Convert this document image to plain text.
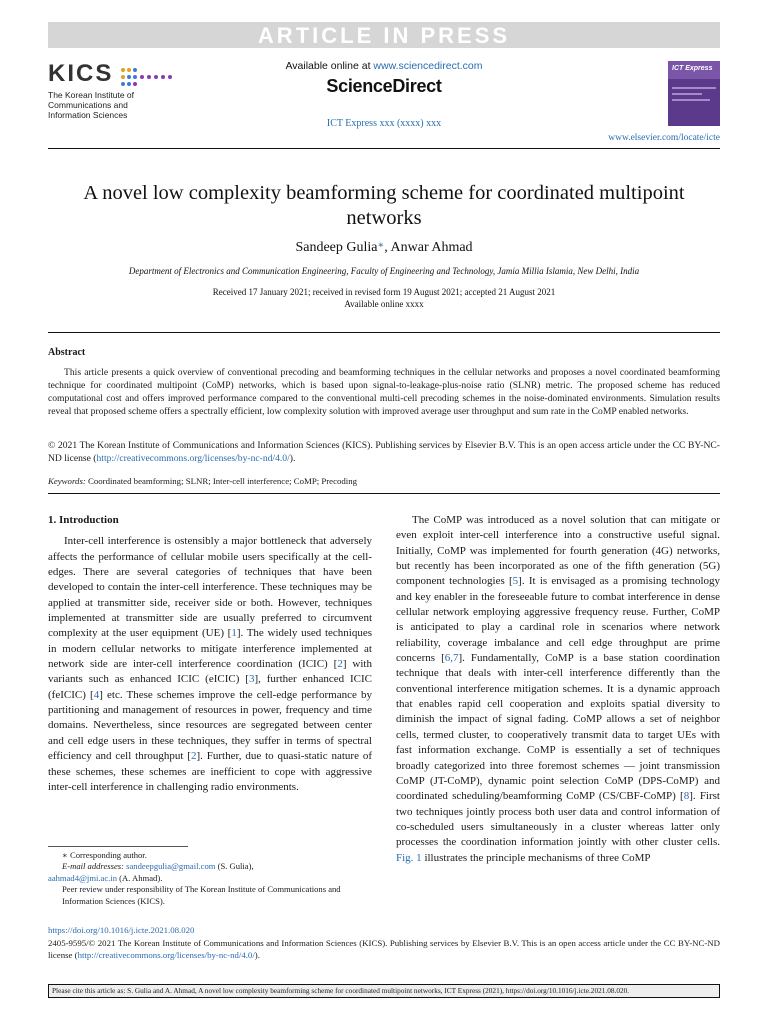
ARTICLE IN PRESS
KICS
The Korean Institute of
Communications and
Information Sciences
Available online at www.sciencedirect.com
ScienceDirect
ICT Express xxx (xxxx) xxx
ICT Express
www.elsevier.com/locate/icte
A novel low complexity beamforming scheme for coordinated multipoint networks
Sandeep Gulia∗, Anwar Ahmad
Department of Electronics and Communication Engineering, Faculty of Engineering and Technology, Jamia Millia Islamia, New Delhi, India
Received 17 January 2021; received in revised form 19 August 2021; accepted 21 August 2021
Available online xxxx
Abstract
This article presents a quick overview of conventional precoding and beamforming techniques in the cellular networks and proposes a novel coordinated beamforming technique for coordinated multipoint (CoMP) networks, which is based upon signal-to-leakage-plus-noise ratio (SLNR) metric. The proposed scheme has reduced computational cost and offers improved performance compared to the conventional multi-cell precoding schemes in the noise-dominated environments. Simulation results reveal that proposed scheme offers a spectrally efficient, low complexity solution with improved average user throughput and sum rate in the CoMP enabled networks.
© 2021 The Korean Institute of Communications and Information Sciences (KICS). Publishing services by Elsevier B.V. This is an open access article under the CC BY-NC-ND license (http://creativecommons.org/licenses/by-nc-nd/4.0/).
Keywords: Coordinated beamforming; SLNR; Inter-cell interference; CoMP; Precoding
1. Introduction
Inter-cell interference is ostensibly a major bottleneck that adversely affects the performance of cellular mobile users specifically at the cell-edges. There are several categories of techniques that have been developed to contain the inter-cell interference. These techniques may be applied at transmitter side, receiver side or both. However, techniques implemented at transmitter side are usually preferred to circumvent complexity at the user equipment (UE) [1]. The widely used techniques in modern cellular networks to mitigate interference implemented at network side are inter-cell interference coordination (ICIC) [2] with variants such as enhanced ICIC (eICIC) [3], further enhanced ICIC (feICIC) [4] etc. These schemes improve the cell-edge performance by partitioning and management of resources in power, frequency and time domains. Nevertheless, since resources are segregated between center and cell edge users in these techniques, they suffer in terms of spectral efficiency and cell throughput [2]. Further, due to quasi-static nature of these schemes, these schemes are inefficient to cope with aggressive inter-cell interference in challenging radio environments.
The CoMP was introduced as a novel solution that can mitigate or even exploit inter-cell interference into a constructive useful signal. Initially, CoMP was implemented for fourth generation (4G) networks, but recently has been incorporated as one of the fifth generation (5G) component technologies [5]. It is envisaged as a promising technology and key enabler in the foreseeable future to combat interference in dense cellular network employing aggressive frequency reuse. Further, CoMP is anticipated to play a cardinal role in scenarios where network reliability, coverage imbalance and cell edge throughput are prime concerns [6,7]. Fundamentally, CoMP is a base station coordination technique that deals with inter-cell interference differently than the conventional interference mitigation schemes. It is a dynamic approach that enables rapid cell cooperation and exploits spatial diversity to diminish the impact of signal fading. CoMP allows a set of neighbor cells, termed cluster, to cooperatively transmit data to target UEs with fast information exchange. CoMP is essentially a set of techniques broadly categorized into three foremost schemes — joint transmission CoMP (JT-CoMP), dynamic point selection CoMP (DPS-CoMP) and coordinated scheduling/beamforming CoMP (CS/CBF-CoMP) [8]. First two techniques jointly process both user data and control information of co-scheduled users simultaneously in a cluster whereas latter only processes the coordination information jointly with other cluster cells. Fig. 1 illustrates the principle mechanisms of three CoMP
∗ Corresponding author.
E-mail addresses: sandeepgulia@gmail.com (S. Gulia),
aahmad4@jmi.ac.in (A. Ahmad).
Peer review under responsibility of The Korean Institute of Communications and Information Sciences (KICS).
https://doi.org/10.1016/j.icte.2021.08.020
2405-9595/© 2021 The Korean Institute of Communications and Information Sciences (KICS). Publishing services by Elsevier B.V. This is an open access article under the CC BY-NC-ND license (http://creativecommons.org/licenses/by-nc-nd/4.0/).
Please cite this article as: S. Gulia and A. Ahmad, A novel low complexity beamforming scheme for coordinated multipoint networks, ICT Express (2021), https://doi.org/10.1016/j.icte.2021.08.020.
